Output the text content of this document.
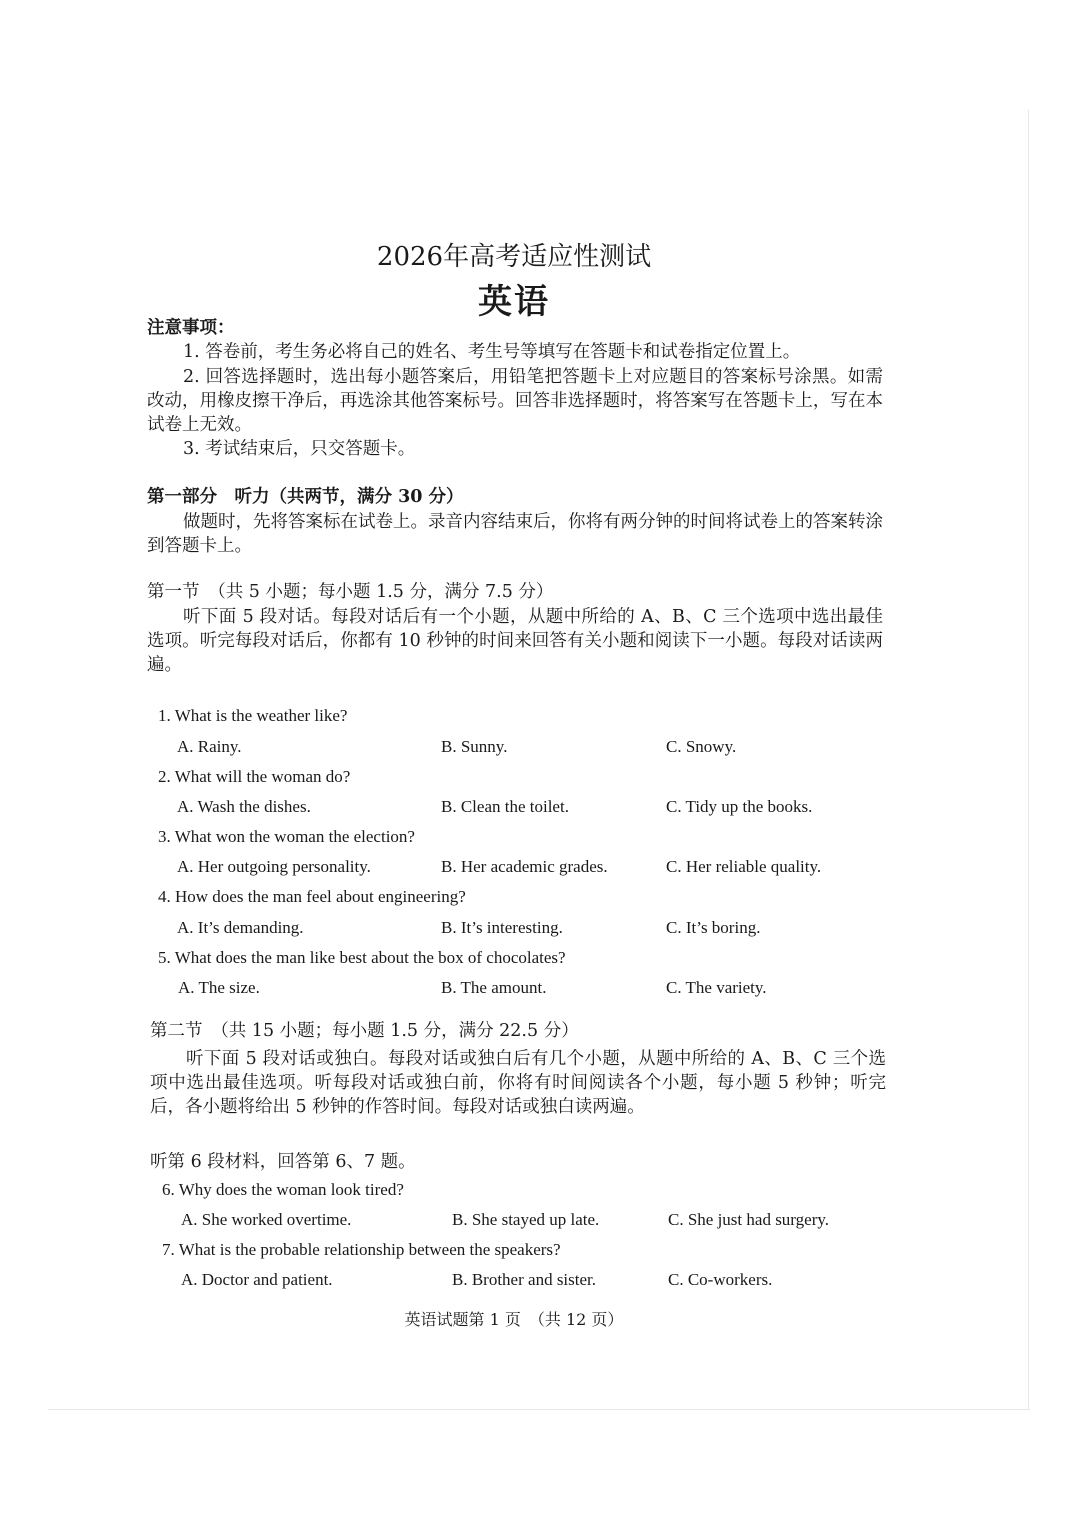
2026年高考适应性测试
英语
注意事项：
1. 答卷前，考生务必将自己的姓名、考生号等填写在答题卡和试卷指定位置上。
2. 回答选择题时，选出每小题答案后，用铅笔把答题卡上对应题目的答案标号涂黑。如需改动，用橡皮擦干净后，再选涂其他答案标号。回答非选择题时，将答案写在答题卡上，写在本试卷上无效。
3. 考试结束后，只交答题卡。
第一部分　听力（共两节，满分 30 分）
做题时，先将答案标在试卷上。录音内容结束后，你将有两分钟的时间将试卷上的答案转涂到答题卡上。
第一节　（共 5 小题；每小题 1.5 分，满分 7.5 分）
听下面 5 段对话。每段对话后有一个小题，从题中所给的 A、B、C 三个选项中选出最佳选项。听完每段对话后，你都有 10 秒钟的时间来回答有关小题和阅读下一小题。每段对话读两遍。
1. What is the weather like?
A. Rainy.	B. Sunny.	C. Snowy.
2. What will the woman do?
A. Wash the dishes.	B. Clean the toilet.	C. Tidy up the books.
3. What won the woman the election?
A. Her outgoing personality.	B. Her academic grades.	C. Her reliable quality.
4. How does the man feel about engineering?
A. It’s demanding.	B. It’s interesting.	C. It’s boring.
5. What does the man like best about the box of chocolates?
A. The size.	B. The amount.	C. The variety.
第二节　（共 15 小题；每小题 1.5 分，满分 22.5 分）
听下面 5 段对话或独白。每段对话或独白后有几个小题，从题中所给的 A、B、C 三个选项中选出最佳选项。听每段对话或独白前，你将有时间阅读各个小题，每小题 5 秒钟；听完后，各小题将给出 5 秒钟的作答时间。每段对话或独白读两遍。
听第 6 段材料，回答第 6、7 题。
6. Why does the woman look tired?
A. She worked overtime.	B. She stayed up late.	C. She just had surgery.
7. What is the probable relationship between the speakers?
A. Doctor and patient.	B. Brother and sister.	C. Co-workers.
英语试题第 1 页　（共 12 页）
